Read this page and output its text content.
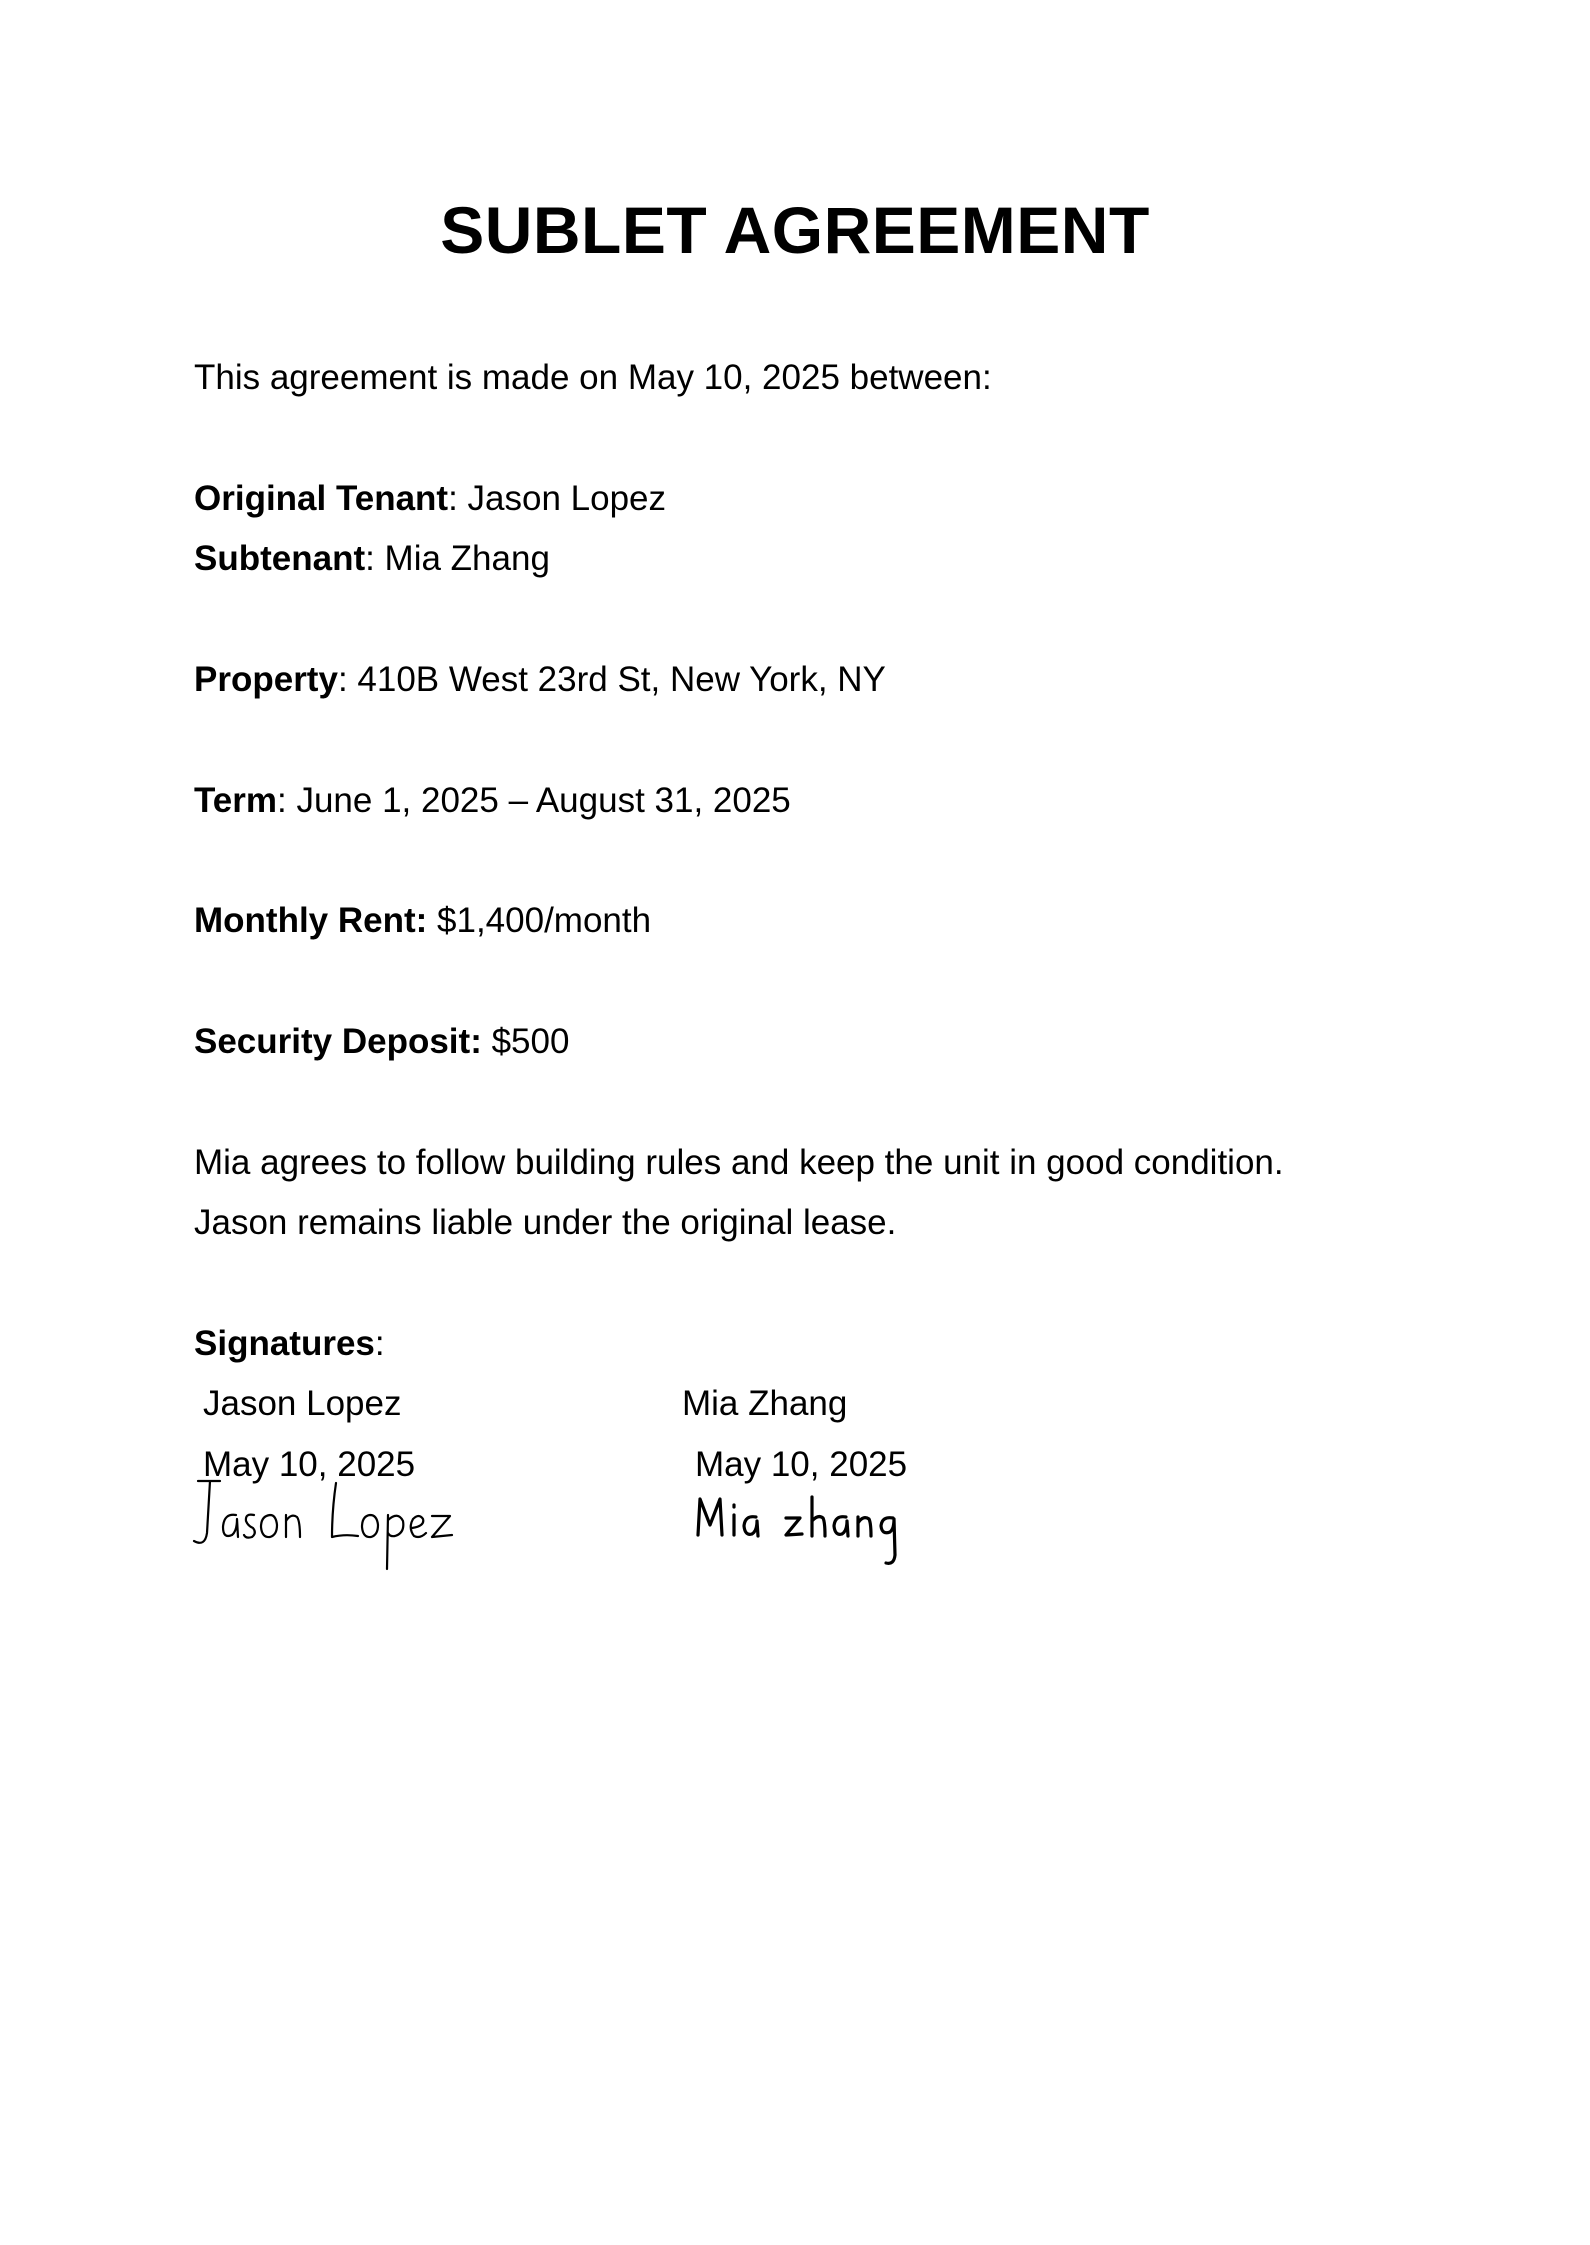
SUBLET AGREEMENT
This agreement is made on May 10, 2025 between:
Original Tenant: Jason Lopez
Subtenant: Mia Zhang
Property: 410B West 23rd St, New York, NY
Term: June 1, 2025 – August 31, 2025
Monthly Rent: $1,400/month
Security Deposit: $500
Mia agrees to follow building rules and keep the unit in good condition.
Jason remains liable under the original lease.
Signatures:
Jason Lopez	Mia Zhang
May 10, 2025	May 10, 2025
